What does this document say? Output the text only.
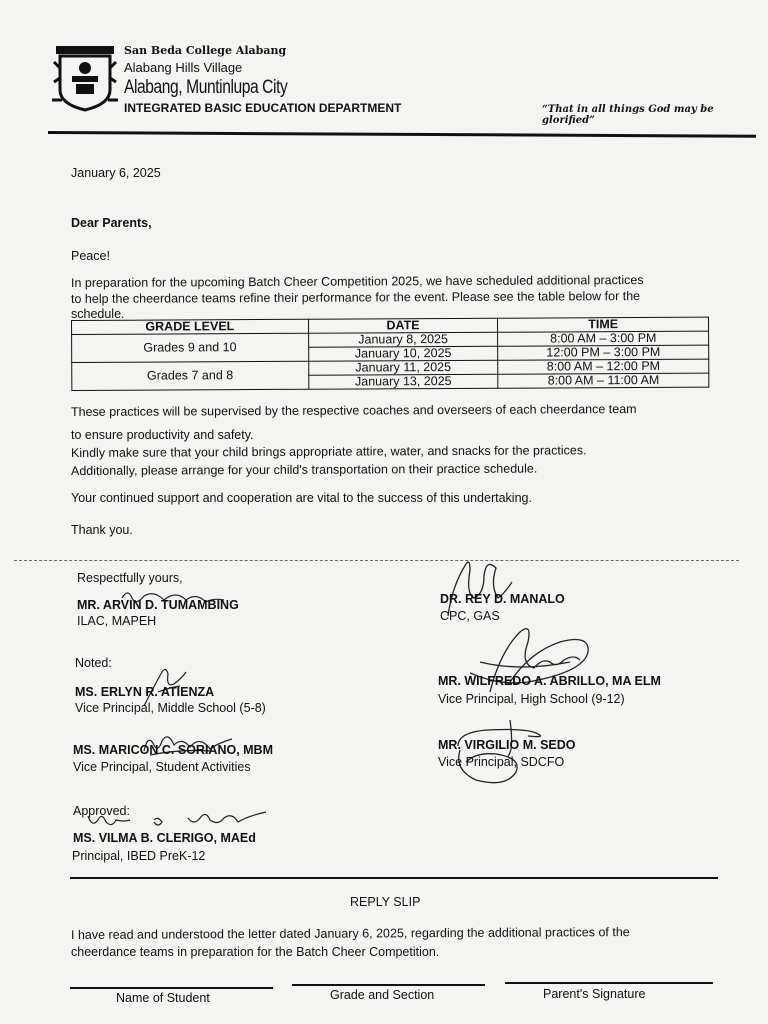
San Beda College Alabang
Alabang Hills Village
Alabang, Muntinlupa City
INTEGRATED BASIC EDUCATION DEPARTMENT	“That in all things God may be glorified”
January 6, 2025
Dear Parents,
Peace!
In preparation for the upcoming Batch Cheer Competition 2025, we have scheduled additional practices
to help the cheerdance teams refine their performance for the event. Please see the table below for the
schedule.
GRADE LEVEL	DATE	TIME
Grades 9 and 10	January 8, 2025	8:00 AM – 3:00 PM
	January 10, 2025	12:00 PM – 3:00 PM
Grades 7 and 8	January 11, 2025	8:00 AM – 12:00 PM
	January 13, 2025	8:00 AM – 11:00 AM
These practices will be supervised by the respective coaches and overseers of each cheerdance team
to ensure productivity and safety.
Kindly make sure that your child brings appropriate attire, water, and snacks for the practices.
Additionally, please arrange for your child's transportation on their practice schedule.
Your continued support and cooperation are vital to the success of this undertaking.
Thank you.
Respectfully yours,
MR. ARVIN D. TUMAMBING
ILAC, MAPEH
Noted:
MS. ERLYN R. ATIENZA
Vice Principal, Middle School (5-8)
MS. MARICON C. SORIANO, MBM
Vice Principal, Student Activities
Approved:
MS. VILMA B. CLERIGO, MAEd
Principal, IBED PreK-12
DR. REY D. MANALO
CPC, GAS
MR. WILFREDO A. ABRILLO, MA ELM
Vice Principal, High School (9-12)
MR. VIRGILIO M. SEDO
Vice Principal, SDCFO
REPLY SLIP
I have read and understood the letter dated January 6, 2025, regarding the additional practices of the
cheerdance teams in preparation for the Batch Cheer Competition.
Name of Student	Grade and Section	Parent's Signature
